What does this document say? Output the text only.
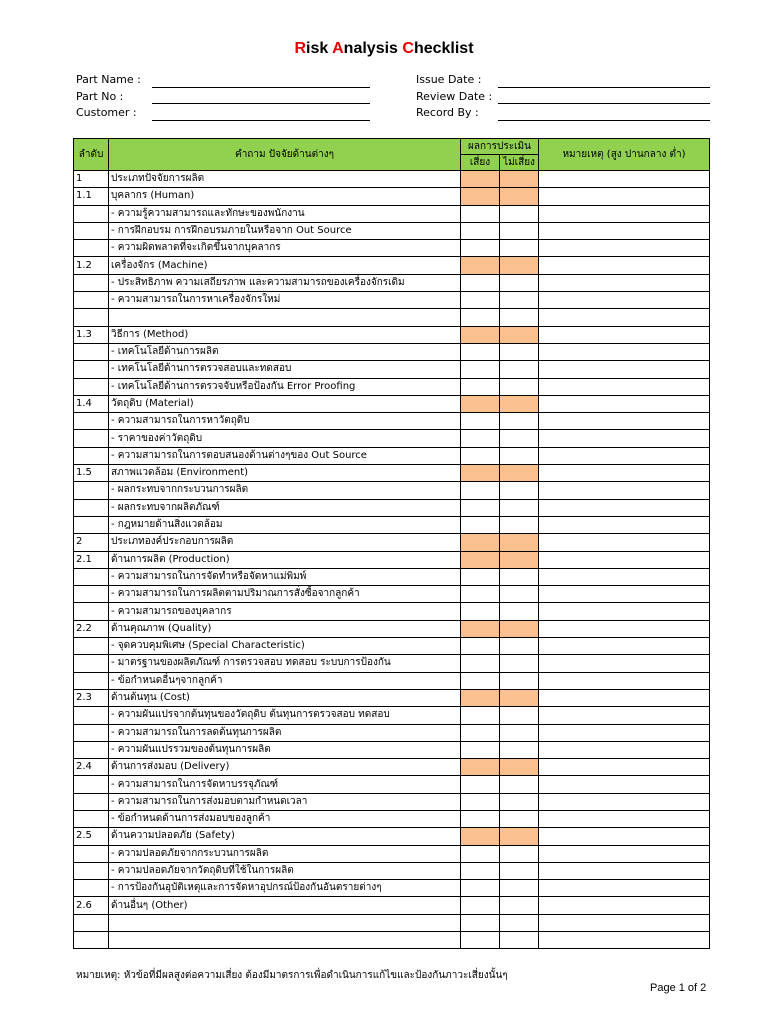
Risk Analysis Checklist
Part Name :
Part No :
Customer :
Issue Date :
Review Date :
Record By :
ลำดับ	คำถาม ปัจจัยด้านต่างๆ	ผลการประเมิน		หมายเหตุ (สูง ปานกลาง ต่ำ)
		เสี่ยง	ไม่เสี่ยง	
1	ประเภทปัจจัยการผลิต			
1.1	บุคลากร (Human)			
	- ความรู้ความสามารถและทักษะของพนักงาน			
	- การฝึกอบรม การฝึกอบรมภายในหรือจาก Out Source			
	- ความผิดพลาดที่จะเกิดขึ้นจากบุคลากร			
1.2	เครื่องจักร (Machine)			
	- ประสิทธิภาพ ความเสถียรภาพ และความสามารถของเครื่องจักรเดิม			
	- ความสามารถในการหาเครื่องจักรใหม่			

1.3	วิธีการ (Method)			
	- เทคโนโลยีด้านการผลิต			
	- เทคโนโลยีด้านการตรวจสอบและทดสอบ			
	- เทคโนโลยีด้านการตรวจจับหรือป้องกัน Error Proofing			
1.4	วัตถุดิบ (Material)			
	- ความสามารถในการหาวัตถุดิบ			
	- ราคาของค่าวัตถุดิบ			
	- ความสามารถในการตอบสนองด้านต่างๆของ Out Source			
1.5	สภาพแวดล้อม (Environment)			
	- ผลกระทบจากกระบวนการผลิต			
	- ผลกระทบจากผลิตภัณฑ์			
	- กฎหมายด้านสิ่งแวดล้อม			
2	ประเภทองค์ประกอบการผลิต			
2.1	ด้านการผลิต (Production)			
	- ความสามารถในการจัดทำหรือจัดหาแม่พิมพ์			
	- ความสามารถในการผลิตตามปริมาณการสั่งซื้อจากลูกค้า			
	- ความสามารถของบุคลากร			
2.2	ด้านคุณภาพ (Quality)			
	- จุดควบคุมพิเศษ (Special Characteristic)			
	- มาตรฐานของผลิตภัณฑ์ การตรวจสอบ ทดสอบ ระบบการป้องกัน			
	- ข้อกำหนดอื่นๆจากลูกค้า			
2.3	ด้านต้นทุน (Cost)			
	- ความผันแปรจากต้นทุนของวัตถุดิบ ต้นทุนการตรวจสอบ ทดสอบ			
	- ความสามารถในการลดต้นทุนการผลิต			
	- ความผันแปรรวมของต้นทุนการผลิต			
2.4	ด้านการส่งมอบ (Delivery)			
	- ความสามารถในการจัดหาบรรจุภัณฑ์			
	- ความสามารถในการส่งมอบตามกำหนดเวลา			
	- ข้อกำหนดด้านการส่งมอบของลูกค้า			
2.5	ด้านความปลอดภัย (Safety)			
	- ความปลอดภัยจากกระบวนการผลิต			
	- ความปลอดภัยจากวัตถุดิบที่ใช้ในการผลิต			
	- การป้องกันอุบัติเหตุและการจัดหาอุปกรณ์ป้องกันอันตรายต่างๆ			
2.6	ด้านอื่นๆ (Other)			

หมายเหตุ: หัวข้อที่มีผลสูงต่อความเสี่ยง ต้องมีมาตรการเพื่อดำเนินการแก้ไขและป้องกันภาวะเสี่ยงนั้นๆ
Page 1 of 2
